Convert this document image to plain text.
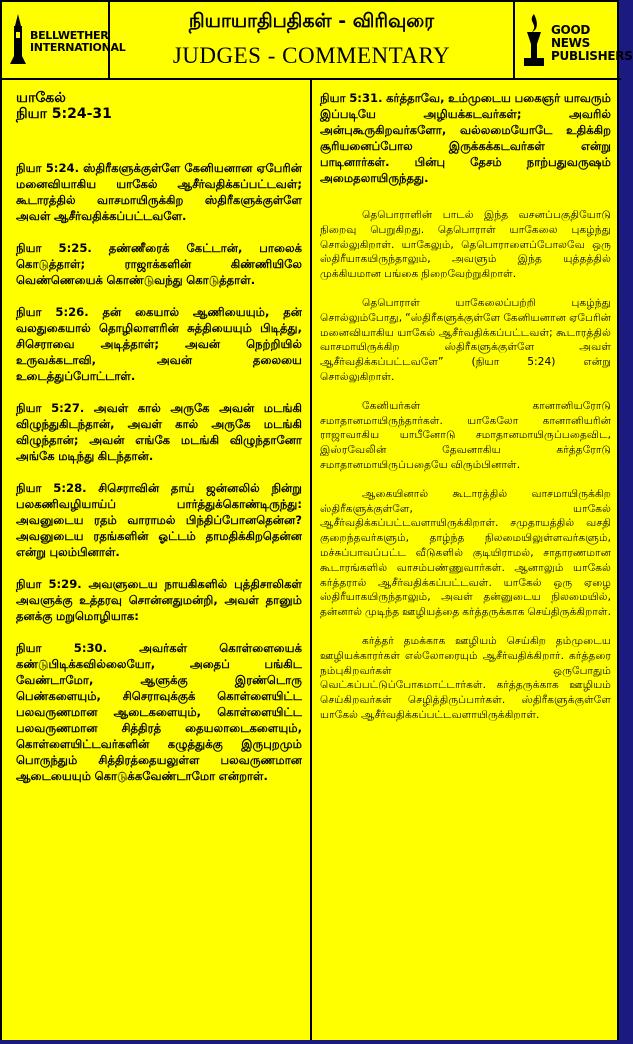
BELLWETHER
INTERNATIONAL
நியாயாதிபதிகள் - விரிவுரை
JUDGES - COMMENTARY
GOOD NEWS
PUBLISHERS
யாகேல்
நியா 5:24-31

நியா 5:24. ஸ்திரீகளுக்குள்ளே கேனியனான ஏபேரின் மனைவியாகிய யாகேல் ஆசீர்வதிக்கப்பட்டவள்; கூடாரத்தில் வாசமாயிருக்கிற ஸ்திரீகளுக்குள்ளே அவள் ஆசீர்வதிக்கப்பட்டவளே.

நியா 5:25. தண்ணீரைக் கேட்டான், பாலைக் கொடுத்தாள்; ராஜாக்களின் கிண்ணியிலே வெண்ணெயைக் கொண்டுவந்து கொடுத்தாள்.

நியா 5:26. தன் கையால் ஆணியையும், தன் வலதுகையால் தொழிலாளரின் சுத்தியையும் பிடித்து, சிசெராவை அடித்தாள்; அவன் நெற்றியில் உருவக்கடாவி, அவன் தலையை உடைத்துப்போட்டாள்.

நியா 5:27. அவள் கால் அருகே அவன் மடங்கி விழுந்துகிடந்தான், அவள் கால் அருகே மடங்கி விழுந்தான்; அவன் எங்கே மடங்கி விழுந்தானோ அங்கே மடிந்து கிடந்தான்.

நியா 5:28. சிசெராவின் தாய் ஜன்னலில் நின்று பலகணிவழியாய்ப் பார்த்துக்கொண்டிருந்து: அவனுடைய ரதம் வாராமல் பிந்திப்போனதென்ன? அவனுடைய ரதங்களின் ஓட்டம் தாமதிக்கிறதென்ன என்று புலம்பினாள்.

நியா 5:29. அவளுடைய நாயகிகளில் புத்திசாலிகள் அவளுக்கு உத்தரவு சொன்னதுமன்றி, அவள் தானும் தனக்கு மறுமொழியாக:

நியா 5:30. அவர்கள் கொள்ளையைக் கண்டுபிடிக்கவில்லையோ, அதைப் பங்கிட வேண்டாமோ, ஆளுக்கு இரண்டொரு பெண்களையும், சிசெராவுக்குக் கொள்ளையிட்ட பலவருணமான ஆடைகளையும், கொள்ளையிட்ட பலவருணமான சித்திரத் தையலாடைகளையும், கொள்ளையிட்டவர்களின் கழுத்துக்கு இருபுறமும் பொருந்தும் சித்திரத்தையலுள்ள பலவருணமான ஆடையையும் கொடுக்கவேண்டாமோ என்றாள்.

நியா 5:31. கர்த்தாவே, உம்முடைய பகைஞர் யாவரும் இப்படியே அழியக்கடவர்கள்; அவரில் அன்புகூருகிறவர்களோ, வல்லமையோடே உதிக்கிற சூரியனைப்போல இருக்கக்கடவர்கள் என்று பாடினார்கள். பின்பு தேசம் நாற்பதுவருஷம் அமைதலாயிருந்தது.

தெபொராளின் பாடல் இந்த வசனப்பகுதியோடு நிறைவு பெறுகிறது. தெபொராள் யாகேலை புகழ்ந்து சொல்லுகிறாள். யாகேலும், தெபொராளைப்போலவே ஒரு ஸ்திரீயாகயிருந்தாலும், அவளும் இந்த யுத்தத்தில் முக்கியமான பங்கை நிறைவேற்றுகிறாள்.

தெபொராள் யாகேலைப்பற்றி புகழ்ந்து சொல்லும்போது, “ஸ்திரீகளுக்குள்ளே கேனியனான ஏபேரின் மனைவியாகிய யாகேல் ஆசீர்வதிக்கப்பட்டவள்; கூடாரத்தில் வாசமாயிருக்கிற ஸ்திரீகளுக்குள்ளே அவள் ஆசீர்வதிக்கப்பட்டவளே” (நியா 5:24) என்று சொல்லுகிறாள்.

கேனியர்கள் கானானியரோடு சமாதானமாயிருந்தார்கள். யாகேலோ கானானியரின் ராஜாவாகிய யாபீனோடு சமாதானமாயிருப்பதைவிட, இஸ்ரவேலின் தேவனாகிய கர்த்தரோடு சமாதானமாயிருப்பதையே விரும்பினாள்.

ஆகையினால் கூடாரத்தில் வாசமாயிருக்கிற ஸ்திரீகளுக்குள்ளே, யாகேல் ஆசீர்வதிக்கப்பட்டவளாயிருக்கிறாள். சமுதாயத்தில் வசதி குறைந்தவர்களும், தாழ்ந்த நிலமையிலுள்ளவர்களும், மச்சுப்பாவப்பட்ட வீடுகளில் குடியிராமல், சாதாரணமான கூடாரங்களில் வாசம்பண்ணுவார்கள். ஆனாலும் யாகேல் கர்த்தரால் ஆசீர்வதிக்கப்பட்டவள். யாகேல் ஒரு ஏழை ஸ்திரீயாகயிருந்தாலும், அவள் தன்னுடைய நிலமையில், தன்னால் முடிந்த ஊழியத்தை கர்த்தருக்காக செய்திருக்கிறாள்.

கர்த்தர் தமக்காக ஊழியம் செய்கிற தம்முடைய ஊழியக்காரர்கள் எல்லோரையும் ஆசீர்வதிக்கிறார். கர்த்தரை நம்புகிறவர்கள் ஒருபோதும் வெட்கப்பட்டுப்போகமாட்டார்கள். கர்த்தருக்காக ஊழியம் செய்கிறவர்கள் செழித்திருப்பார்கள். ஸ்திரீகளுக்குள்ளே யாகேல் ஆசீர்வதிக்கப்பட்டவளாயிருக்கிறாள்.
